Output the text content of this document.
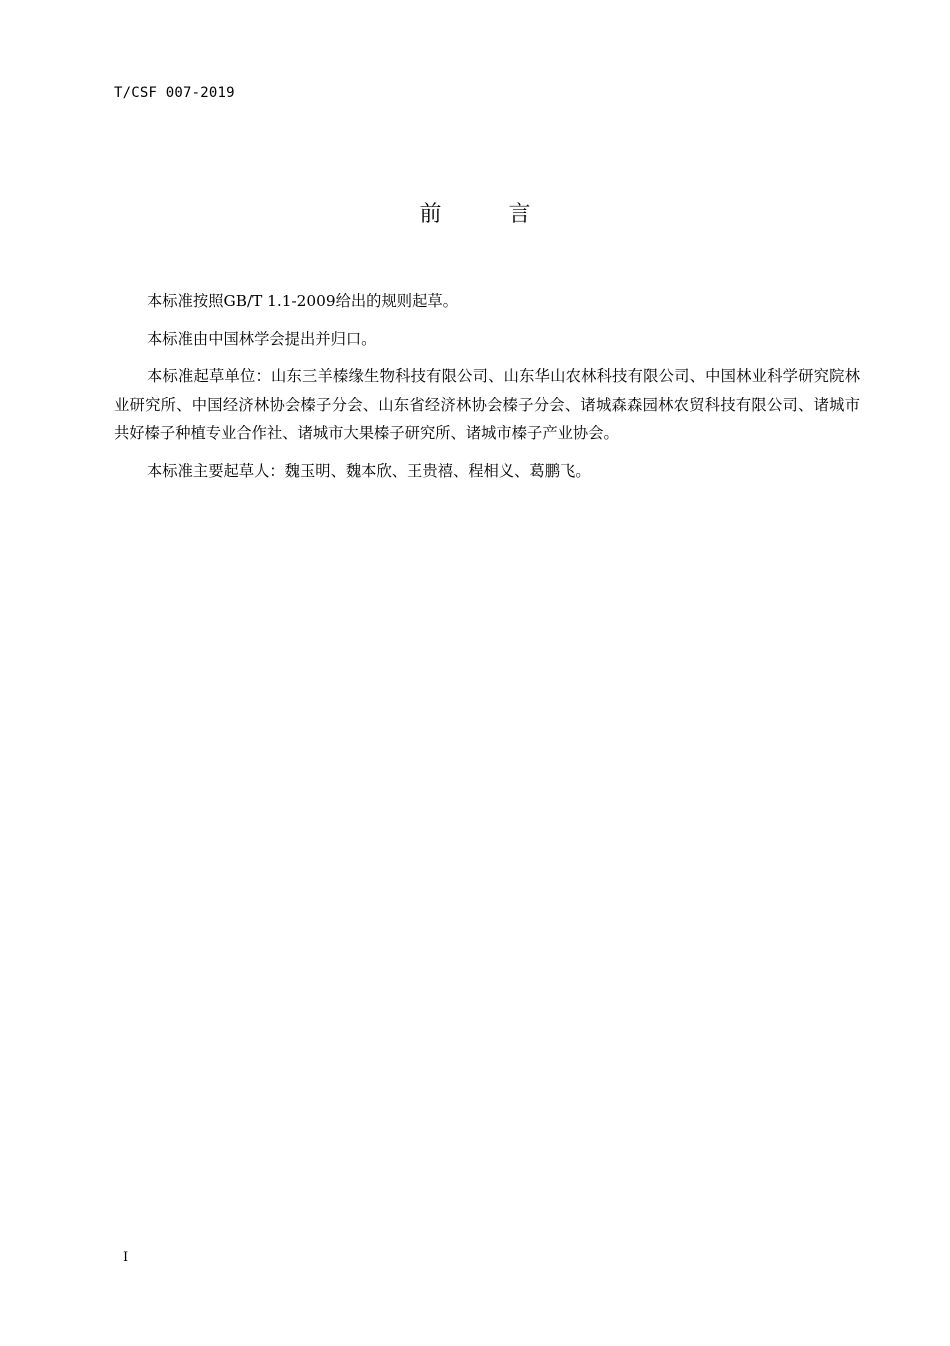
T/CSF 007-2019
前 言

本标准按照GB/T 1.1-2009给出的规则起草。

本标准由中国林学会提出并归口。

本标准起草单位：山东三羊榛缘生物科技有限公司、山东华山农林科技有限公司、中国林业科学研究院林业研究所、中国经济林协会榛子分会、山东省经济林协会榛子分会、诸城森森园林农贸科技有限公司、诸城市共好榛子种植专业合作社、诸城市大果榛子研究所、诸城市榛子产业协会。

本标准主要起草人：魏玉明、魏本欣、王贵禧、程相义、葛鹏飞。

I
